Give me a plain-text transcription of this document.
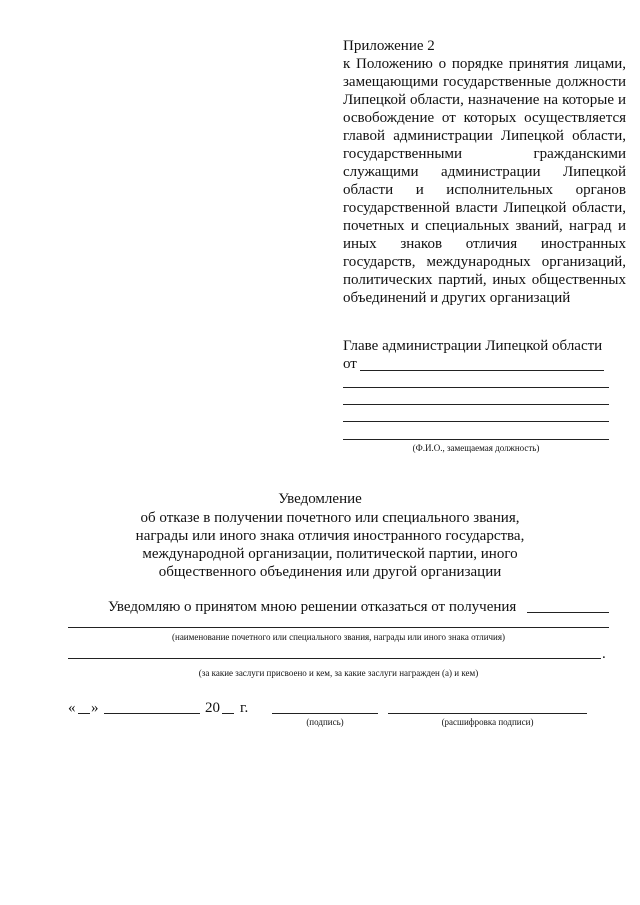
Приложение 2

к Положению о порядке принятия лицами, замещающими государственные должности Липецкой области, назначение на которые и освобождение от которых осуществляется главой администрации Липецкой области, государственными гражданскими служащими администрации Липецкой области и исполнительных органов государственной власти Липецкой области, почетных и специальных званий, наград и иных знаков отличия иностранных государств, международных организаций, политических партий, иных общественных объединений и других организаций

Главе администрации Липецкой области
от
(Ф.И.О., замещаемая должность)
Уведомление
об отказе в получении почетного или специального звания,
награды или иного знака отличия иностранного государства,
международной организации, политической партии, иного
общественного объединения или другой организации
Уведомляю о принятом мною решении отказаться от получения
(наименование почетного или специального звания, награды или иного знака отличия)
.
(за какие заслуги присвоено и кем, за какие заслуги награжден (а) и кем)
« »	20 г.
(подпись)	(расшифровка подписи)
